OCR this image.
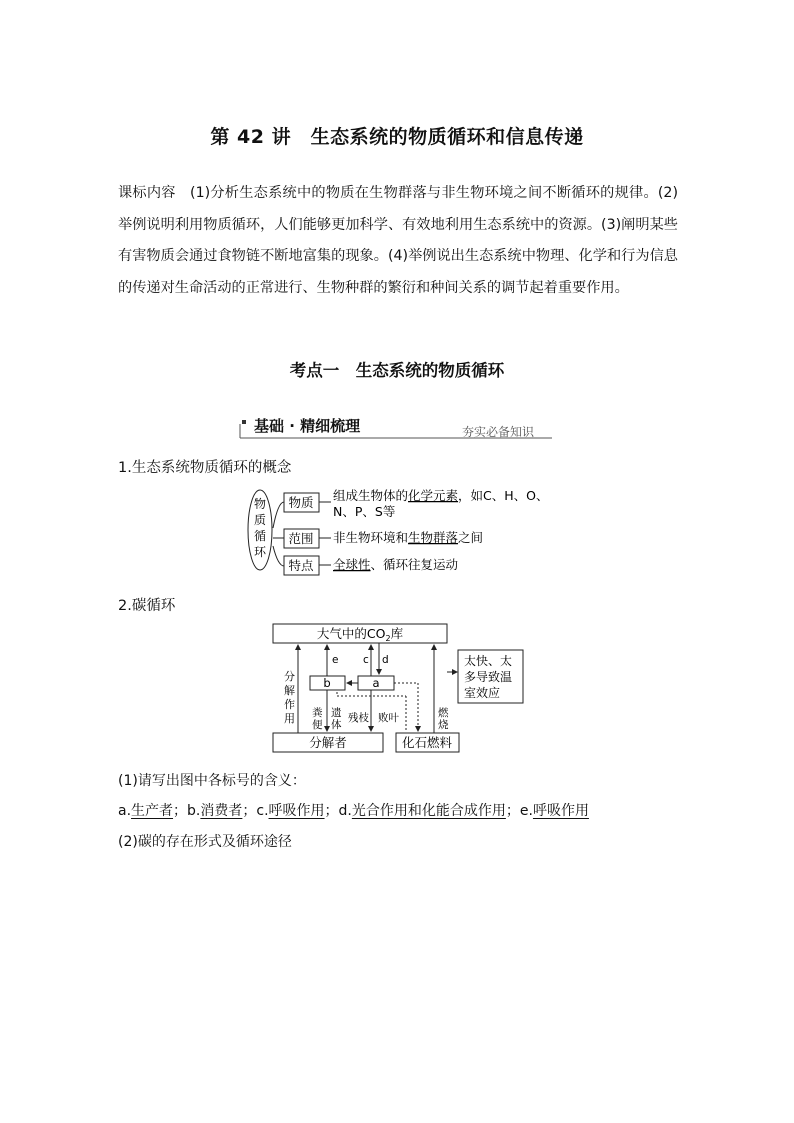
第 42 讲　生态系统的物质循环和信息传递
课标内容 (1)分析生态系统中的物质在生物群落与非生物环境之间不断循环的规律。(2)举例说明利用物质循环，人们能够更加科学、有效地利用生态系统中的资源。(3)阐明某些有害物质会通过食物链不断地富集的现象。(4)举例说出生态系统中物理、化学和行为信息的传递对生命活动的正常进行、生物种群的繁衍和种间关系的调节起着重要作用。
考点一　生态系统的物质循环
基础 · 精细梳理	夯实必备知识
1.生态系统物质循环的概念
物
质
循
环
物质
范围
特点
组成生物体的化学元素，如C、H、O、
N、P、S等
非生物环境和生物群落之间
全球性、循环往复运动
2.碳循环
大气中的$CO_2$库
b	a
e c d
分
解
作
用 粪
便
遗
体
残枝 败叶	燃
烧
分解者	化石燃料
太快、太
多导致温
室效应
(1)请写出图中各标号的含义：
a.生产者；b.消费者；c.呼吸作用；d.光合作用和化能合成作用；e.呼吸作用
(2)碳的存在形式及循环途径
